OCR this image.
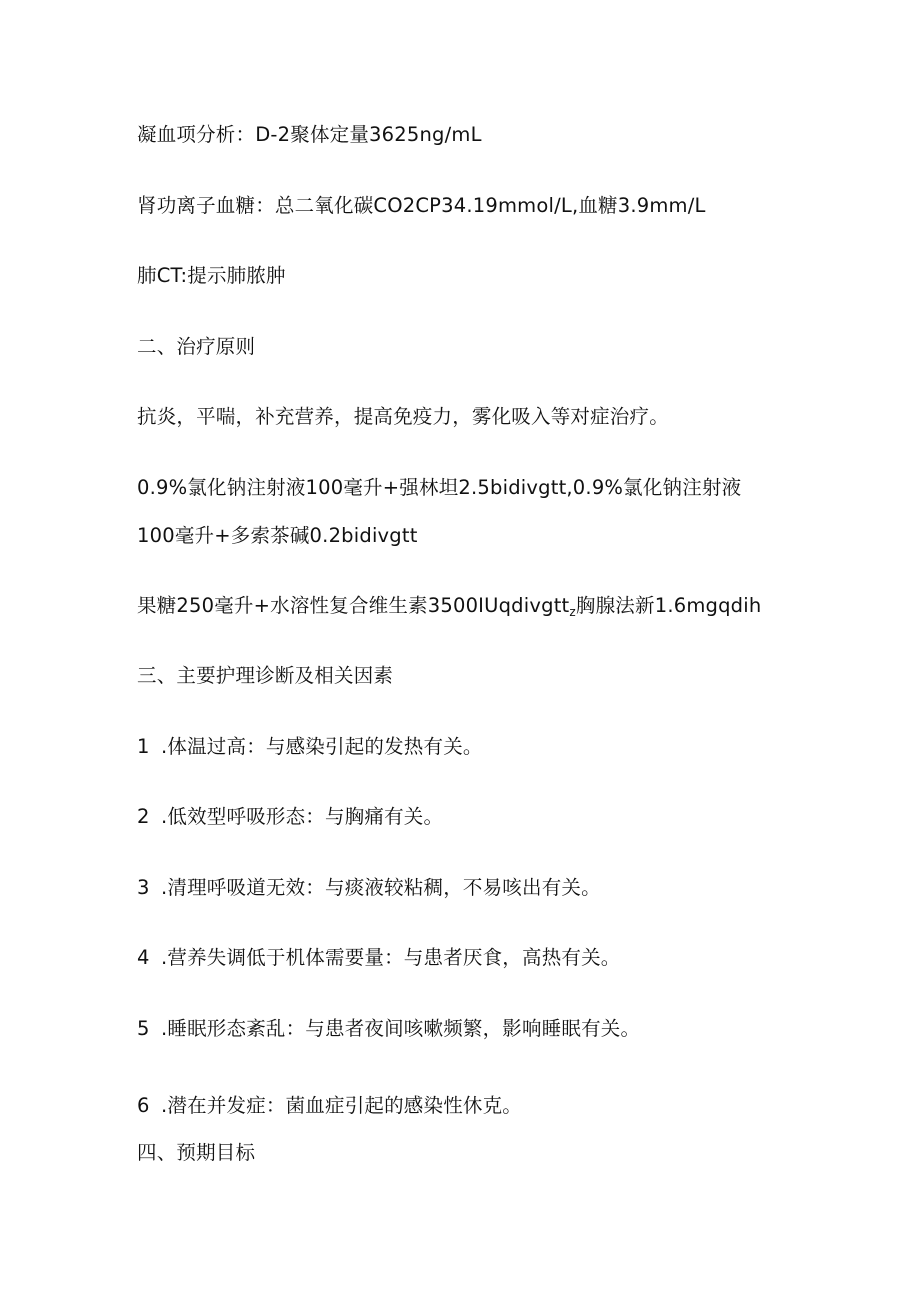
凝血项分析：D-2聚体定量3625ng∕mL
肾功离子血糖：总二氧化碳CO2CP34.19mmol∕L,血糖3.9mm∕L
肺CT:提示肺脓肿
二、治疗原则
抗炎，平喘，补充营养，提高免疫力，雾化吸入等对症治疗。
0.9%氯化钠注射液100毫升+强林坦2.5bidivgtt,0.9%氯化钠注射液
100毫升+多索茶碱0.2bidivgtt
果糖250毫升+水溶性复合维生素3500IUqdivgtt$_z$胸腺法新1.6mgqdih
三、主要护理诊断及相关因素
1 .体温过高：与感染引起的发热有关。
2 .低效型呼吸形态：与胸痛有关。
3 .清理呼吸道无效：与痰液较粘稠，不易咳出有关。
4 .营养失调低于机体需要量：与患者厌食，高热有关。
5 .睡眠形态紊乱：与患者夜间咳嗽频繁，影响睡眠有关。
6 .潜在并发症：菌血症引起的感染性休克。
四、预期目标
